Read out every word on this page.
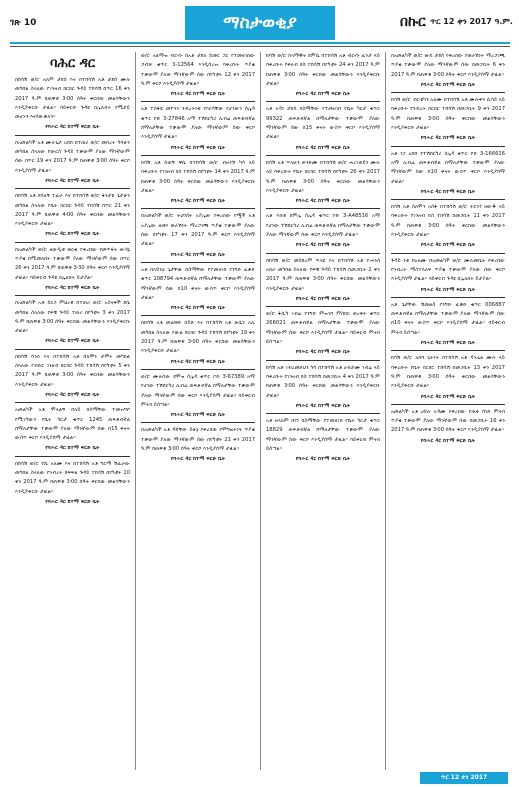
ገጽ 10	ማስታወቂያ	በኩር ጥር 12 ቀን 2017 ዓ.ም.
ባሕር ዳር

በከሳሽ ወ/ሮ አለም ታደሰ እና በተከሳሽ አቶ ታደሰ ሙሉ መካከል ስላለው የገንዘብ ክርክር ጉዳይ ተከሳሽ በጥር 16 ቀን 2017 ዓ.ም ከጠዋቱ 3፡00 ሰዓት ቀርበው መልሳቸውን እንዲያቀርቡ ታዟል። ባይቀርቡ ጉዳዩ በሌሉበት የሚታይ መሆኑን እናሳውቃለን።

የባሕር ዳር ከተማ ፍርድ ቤት

በአመልካች አቶ ሙሉጌታ አበበ በተጠሪ ወ/ሮ መሰረት ካሳሁን መካከል ስላለው የውርስ ጉዳይ ተቃውሞ ያለው ማንኛውም ሰው በጥር 19 ቀን 2017 ዓ.ም ከጠዋቱ 3፡00 ሰዓት ቀርቦ እንዲያሰማ ታዟል።

የባሕር ዳር ከተማ ፍርድ ቤት

በከሳሽ አቶ ደሳለኝ ተፈራ እና በተከሳሽ ወ/ሮ ፋንታዬ ጌታሁን መካከል ስላለው የቤት ክርክር ጉዳይ ተከሳሽ በጥር 21 ቀን 2017 ዓ.ም ከጠዋቱ 4፡00 ሰዓት ቀርበው መልሳቸውን እንዲያቀርቡ ታዟል።

የባሕር ዳር ከተማ ፍርድ ቤት

በአመልካች ወ/ሮ ዘውዲቱ ወርቁ የቀረበው የመጥፋት ውሳኔ ጥያቄ በሚመለከት ተቃውሞ ያለው ማንኛውም ሰው በጥር 26 ቀን 2017 ዓ.ም ከጠዋቱ 3፡30 ሰዓት ቀርቦ እንዲያሰማ ታዟል። ባይቀርብ ጉዳዩ በሌለበት ይታያል።

የባሕር ዳር ከተማ ፍርድ ቤት

በአመልካች አቶ ይርጋ ምህረቱ በተጠሪ ወ/ሮ አስናቀች ደሴ መካከል ስላለው የፍቺ ጉዳይ ተጠሪ በየካቲት 3 ቀን 2017 ዓ.ም ከጠዋቱ 3፡00 ሰዓት ቀርበው መልሳቸውን እንዲያቀርቡ ታዟል።

የባሕር ዳር ከተማ ፍርድ ቤት

በከሳሽ ባንክ እና በተከሳሽ አቶ ሰለሞን ታምሩ መካከል ስላለው የብድር ገንዘብ ክርክር ጉዳይ ተከሳሽ በየካቲት 5 ቀን 2017 ዓ.ም ከጠዋቱ 3፡00 ሰዓት ቀርበው መልሳቸውን እንዲያቀርቡ ታዟል።

የባሕር ዳር ከተማ ፍርድ ቤት

አመልካች አቶ ሞላልኝ በላይ በስማቸው ተመዝግቦ የሚገኘውን የቤት ካርታ ቁጥር 1245 ጠፍቶብኛል በማለታቸው ተቃውሞ ያለው ማንኛውም ሰው በ15 ቀናት ውስጥ ቀርቦ እንዲያሰማ ታዟል።

የባሕር ዳር ከተማ ፍርድ ቤት

በከሳሽ ወ/ሮ የሺ አለሙ እና በተከሳሽ አቶ ግርማ ሽፈራው መካከል ስላለው የንብረት ክፍፍል ጉዳይ ተከሳሽ በየካቲት 10 ቀን 2017 ዓ.ም ከጠዋቱ 3፡00 ሰዓት ቀርበው መልሳቸውን እንዲያቀርቡ ታዟል።

የባሕር ዳር ከተማ ፍርድ ቤት

ወ/ሮ አልማዝ ብርሃኑ ከአቶ ታደለ ይመር ጋር የተመዘገበው ጋብቻ ቁጥር 3-12564 እንዲሰረዝ ባቀረቡት ጥያቄ ተቃውሞ ያለው ማንኛውም ሰው በየካቲት 12 ቀን 2017 ዓ.ም ቀርቦ እንዲያሰማ ታዟል።

የባሕር ዳር ከተማ ፍርድ ቤት

አቶ ተስፋዬ መኮንን ንብረትነቱ የእርሳቸው የሆነውን ሰሌዳ ቁጥር ኮድ 3-27846 አማ ተሽከርካሪ ሊብሬ ጠፍቶብኛል በማለታቸው ተቃውሞ ያለው ማንኛውም ሰው ቀርቦ እንዲያሰማ ታዟል።

የባሕር ዳር ከተማ ፍርድ ቤት

ከሳሽ አቶ ሰጠኝ ዋሴ በተከሳሽ ወ/ሮ ብዙነሽ ካሳ ላይ ባቀረቡት የገንዘብ ክስ ተከሳሽ በየካቲት 14 ቀን 2017 ዓ.ም ከጠዋቱ 3፡00 ሰዓት ቀርበው መልሳቸውን እንዲያቀርቡ ታዟል።

የባሕር ዳር ከተማ ፍርድ ቤት

በአመልካች ወ/ሮ ትዕግስት አያሌው የቀረበው የሟች አቶ አያሌው ዘመነ ወራሽነት ማረጋገጫ ጥያቄ ተቃውሞ ያለው ሰው በየካቲት 17 ቀን 2017 ዓ.ም ቀርቦ እንዲያሰማ ታዟል።

የባሕር ዳር ከተማ ፍርድ ቤት

አቶ በላይነህ ጌታቸው በስማቸው የተመዘገበ የንግድ ፈቃድ ቁጥር 108794 ጠፍቶብኛል በማለታቸው ተቃውሞ ያለው ማንኛውም ሰው በ10 ቀናት ውስጥ ቀርቦ እንዲያሰማ ታዟል።

የባሕር ዳር ከተማ ፍርድ ቤት

በከሳሽ አቶ መሀመድ ሰይድ እና በተከሳሽ አቶ ሁሴን አሊ መካከል ስላለው የውል ክርክር ጉዳይ ተከሳሽ በየካቲት 19 ቀን 2017 ዓ.ም ከጠዋቱ 3፡00 ሰዓት ቀርበው መልሳቸውን እንዲያቀርቡ ታዟል።

የባሕር ዳር ከተማ ፍርድ ቤት

ወ/ሮ ሙሉሰው ደሞዝ ሰሌዳ ቁጥር ኮድ 3-67389 አማ የሆነው ተሽከርካሪ ሊብሬ ጠፍቶብኛል በማለታቸው ተቃውሞ ያለው ማንኛውም ሰው ቀርቦ እንዲያሰማ ታዟል። ባይቀርብ ምትክ ይሰጣል።

የባሕር ዳር ከተማ ፍርድ ቤት

በአመልካች አቶ ዳኛቸው ይሁኔ የቀረበው የሞግዚትነት ጥያቄ ተቃውሞ ያለው ማንኛውም ሰው በየካቲት 21 ቀን 2017 ዓ.ም ከጠዋቱ 3፡00 ሰዓት ቀርቦ እንዲያሰማ ታዟል።

የባሕር ዳር ከተማ ፍርድ ቤት

ከሳሽ ወ/ሮ ሰላማዊት ደምሴ በተከሳሽ አቶ ብርሃኑ ፈንታ ላይ ባቀረቡት የቀለብ ክስ ተከሳሽ በየካቲት 24 ቀን 2017 ዓ.ም ከጠዋቱ 3፡00 ሰዓት ቀርበው መልሳቸውን እንዲያቀርቡ ታዟል።

የባሕር ዳር ከተማ ፍርድ ቤት

አቶ አዳነ ታደሰ በስማቸው የተመዘገበ የቤት ካርታ ቁጥር 99322 ጠፍቶብኛል በማለታቸው ተቃውሞ ያለው ማንኛውም ሰው በ15 ቀናት ውስጥ ቀርቦ እንዲያሰማ ታዟል።

የባሕር ዳር ከተማ ፍርድ ቤት

ከሳሽ አቶ ጥላሁን ወንድሙ በተከሳሽ ወ/ሮ ሐረገወይን ሙሉ ላይ ባቀረቡት የቤት ክርክር ተከሳሽ በየካቲት 26 ቀን 2017 ዓ.ም ከጠዋቱ 3፡00 ሰዓት ቀርበው መልሳቸውን እንዲያቀርቡ ታዟል።

የባሕር ዳር ከተማ ፍርድ ቤት

አቶ እሸቱ ደምሌ ሰሌዳ ቁጥር ኮድ 3-A48516 አማ የሆነው ተሽከርካሪ ሊብሬ ጠፍቶብኛል በማለታቸው ተቃውሞ ያለው ማንኛውም ሰው ቀርቦ እንዲያሰማ ታዟል።

የባሕር ዳር ከተማ ፍርድ ቤት

በከሳሽ ወ/ሮ መስከረም ጥላዬ እና በተከሳሽ አቶ ዮሐንስ አበራ መካከል ስላለው የፍቺ ጉዳይ ተከሳሽ በመጋቢት 2 ቀን 2017 ዓ.ም ከጠዋቱ 3፡00 ሰዓት ቀርበው መልሳቸውን እንዲያቀርቡ ታዟል።

የባሕር ዳር ከተማ ፍርድ ቤት

ወ/ሮ ፋሲካ ገብሬ የንግድ ምዝገባ ምስክር ወረቀት ቁጥር 266021 ጠፍቶብኛል በማለታቸው ተቃውሞ ያለው ማንኛውም ሰው ቀርቦ እንዲያሰማ ታዟል። ባይቀርብ ምትክ ይሰጣል።

የባሕር ዳር ከተማ ፍርድ ቤት

ከሳሽ አቶ ገብረመድህን ካሳ በተከሳሽ አቶ ሀብታሙ ገብሬ ላይ ባቀረቡት የገንዘብ ክስ ተከሳሽ በመጋቢት 4 ቀን 2017 ዓ.ም ከጠዋቱ 3፡00 ሰዓት ቀርበው መልሳቸውን እንዲያቀርቡ ታዟል።

የባሕር ዳር ከተማ ፍርድ ቤት

አቶ ዘላለም በየነ በስማቸው የተመዘገበ የቤት ካርታ ቁጥር 18829 ጠፍቶብኛል በማለታቸው ተቃውሞ ያለው ማንኛውም ሰው ቀርቦ እንዲያሰማ ታዟል። ባይቀርብ ምትክ ይሰጣል።

የባሕር ዳር ከተማ ፍርድ ቤት

በአመልካች ወ/ሮ ውዴ ታደሰ የቀረበው የወራሽነት ማረጋገጫ ጥያቄ ተቃውሞ ያለው ማንኛውም ሰው በመጋቢት 6 ቀን 2017 ዓ.ም ከጠዋቱ 3፡00 ሰዓት ቀርቦ እንዲያሰማ ታዟል።

የባሕር ዳር ከተማ ፍርድ ቤት

ከሳሽ ወ/ሮ ብርቱካን አለሙ በተከሳሽ አቶ ሙሉቀን ሲሳይ ላይ ባቀረቡት የንብረት ክርክር ተከሳሽ በመጋቢት 9 ቀን 2017 ዓ.ም ከጠዋቱ 3፡00 ሰዓት ቀርበው መልሳቸውን እንዲያቀርቡ ታዟል።

የባሕር ዳር ከተማ ፍርድ ቤት

አቶ ነጋ አበበ የተሽከርካሪ ሰሌዳ ቁጥር ኮድ 3-166616 አማ ሊብሬ ጠፍቶብኛል በማለታቸው ተቃውሞ ያለው ማንኛውም ሰው በ10 ቀናት ውስጥ ቀርቦ እንዲያሰማ ታዟል።

የባሕር ዳር ከተማ ፍርድ ቤት

ከሳሽ አቶ ሰለሞን አሰፋ በተከሳሽ ወ/ሮ ትርንጎ ዘውዱ ላይ ባቀረቡት የገንዘብ ክስ ተከሳሽ በመጋቢት 11 ቀን 2017 ዓ.ም ከጠዋቱ 3፡00 ሰዓት ቀርበው መልሳቸውን እንዲያቀርቡ ታዟል።

የባሕር ዳር ከተማ ፍርድ ቤት

ጉዳይ ነቱ በአለሙ በአመልካች ወ/ሮ ሙሉመቤት የቀረበው የንብረት ማስተላለፍ ጥያቄ ተቃውሞ ያለው ሰው ቀርቦ እንዲያሰማ ታዟል። ባይቀርብ ጉዳዩ በሌለበት ይታያል።

የባሕር ዳር ከተማ ፍርድ ቤት

አቶ ጌታቸው ሽመልስ የንግድ ፈቃድ ቁጥር 006887 ጠፍቶብኛል በማለታቸው ተቃውሞ ያለው ማንኛውም ሰው በ10 ቀናት ውስጥ ቀርቦ እንዲያሰማ ታዟል። ባይቀርብ ምትክ ይሰጣል።

የባሕር ዳር ከተማ ፍርድ ቤት

ከሳሽ ወ/ሮ አበባ ጌትነት በተከሳሽ አቶ ዳንኤል ሙሉ ላይ ባቀረቡት የቤት ክርክር ተከሳሽ በመጋቢት 13 ቀን 2017 ዓ.ም ከጠዋቱ 3፡00 ሰዓት ቀርበው መልሳቸውን እንዲያቀርቡ ታዟል።

የባሕር ዳር ከተማ ፍርድ ቤት

አመልካች አቶ ሀይሉ አዳሙ የቀረበው የጠፋ ሰነድ ምትክ ጥያቄ ተቃውሞ ያለው ማንኛውም ሰው በመጋቢት 16 ቀን 2017 ዓ.ም ከጠዋቱ 3፡00 ሰዓት ቀርቦ እንዲያሰማ ታዟል።

የባሕር ዳር ከተማ ፍርድ ቤት
ጥር 12 ቀን 2017
